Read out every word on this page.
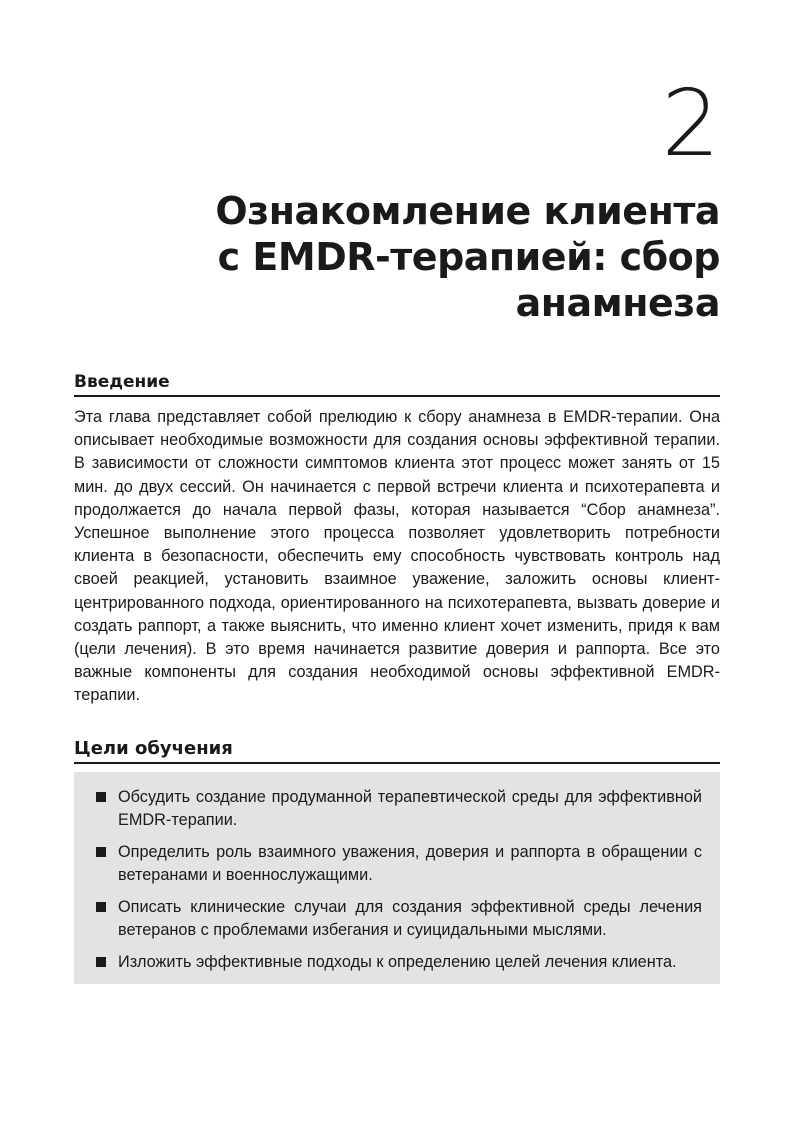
2
Ознакомление клиента
с EMDR-терапией: сбор анамнеза
Введение

Эта глава представляет собой прелюдию к сбору анамнеза в EMDR-терапии. Она описывает необходимые возможности для создания основы эффективной терапии. В зависимости от сложности симптомов клиента этот процесс может занять от 15 мин. до двух сессий. Он начинается с первой встречи клиента и психотерапевта и продолжается до начала первой фазы, которая называется “Сбор анамнеза”. Успешное выполнение этого процесса позволяет удовлетворить потребности клиента в безопасности, обеспечить ему способность чувствовать контроль над своей реакцией, установить взаимное уважение, заложить основы клиент-центрированного подхода, ориентированного на психотерапевта, вызвать доверие и создать раппорт, а также выяснить, что именно клиент хочет изменить, придя к вам (цели лечения). В это время начинается развитие доверия и раппорта. Все это важные компоненты для создания необходимой основы эффективной EMDR-терапии.

Цели обучения
Обсудить создание продуманной терапевтической среды для эффективной EMDR-терапии.
Определить роль взаимного уважения, доверия и раппорта в обращении с ветеранами и военнослужащими.
Описать клинические случаи для создания эффективной среды лечения ветеранов с проблемами избегания и суицидальными мыслями.
Изложить эффективные подходы к определению целей лечения клиента.
